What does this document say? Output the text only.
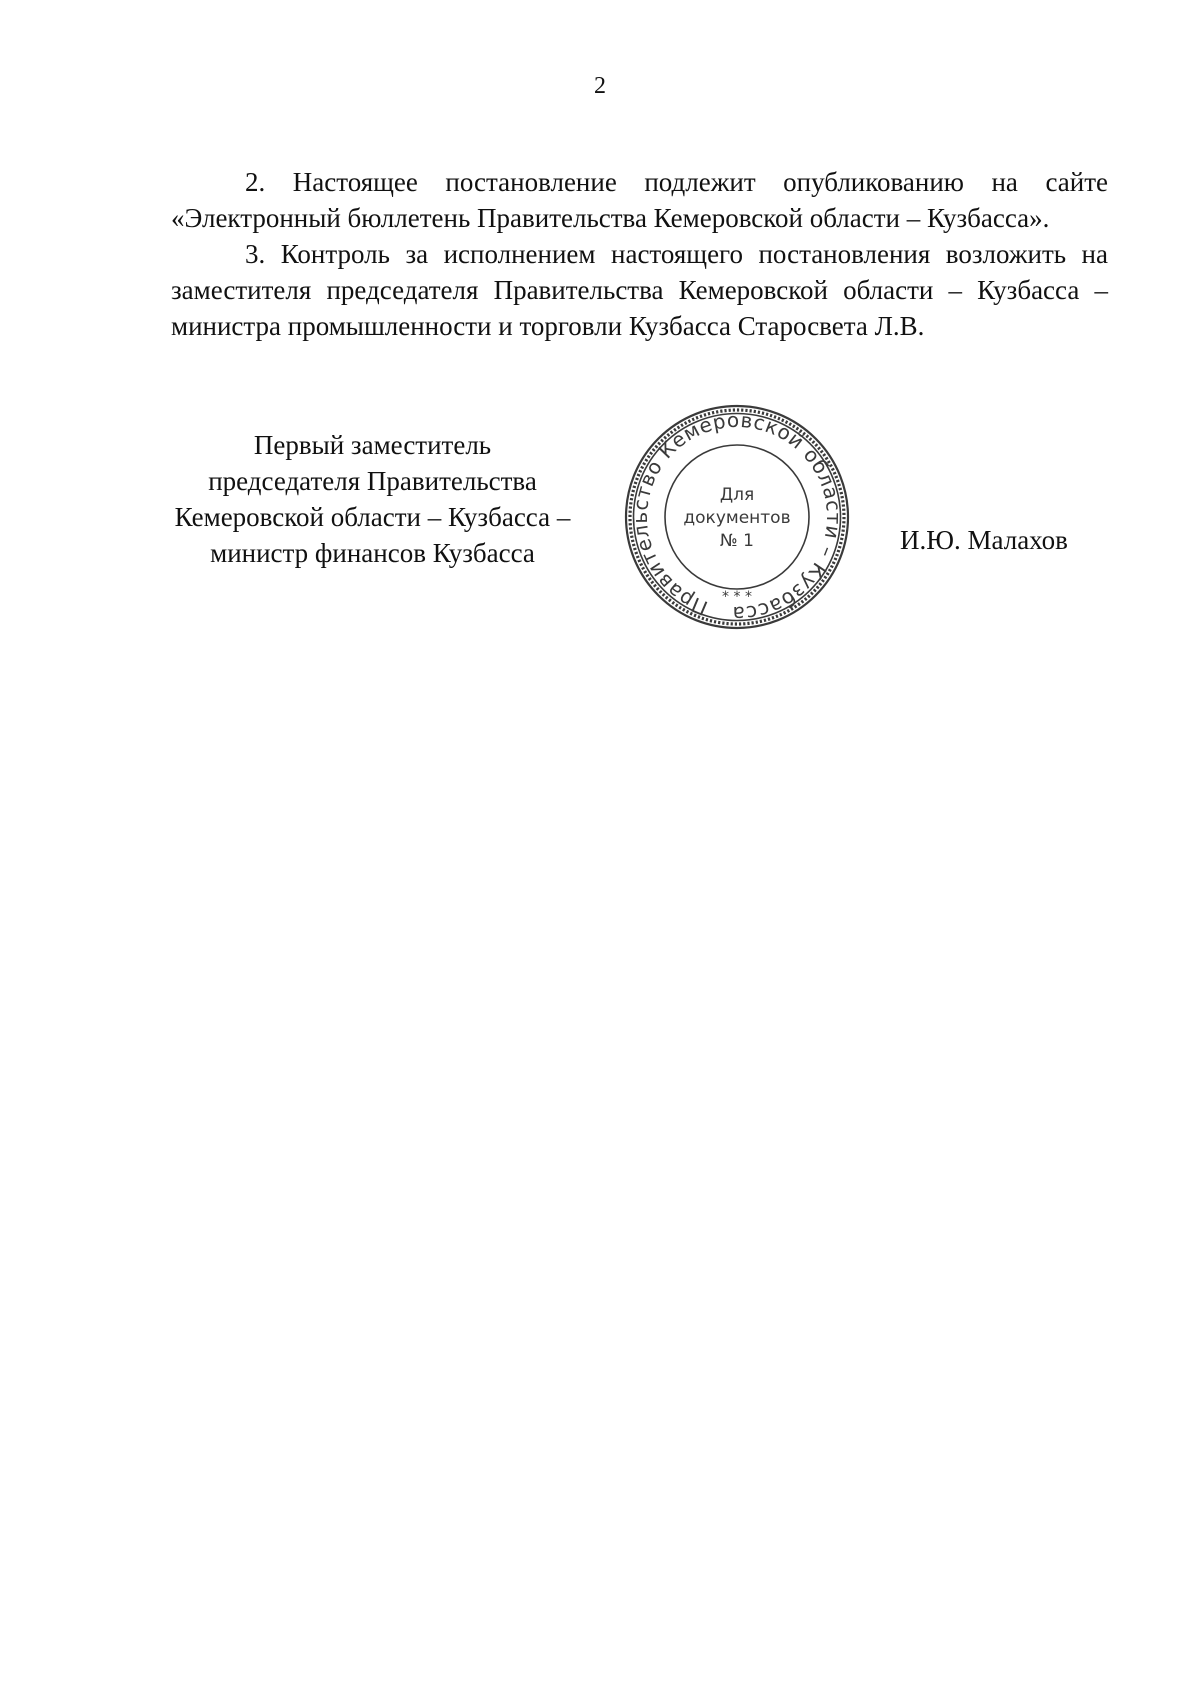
2

2. Настоящее постановление подлежит опубликованию на сайте «Электронный бюллетень Правительства Кемеровской области – Кузбасса».

3. Контроль за исполнением настоящего постановления возложить на заместителя председателя Правительства Кемеровской области – Кузбасса – министра промышленности и торговли Кузбасса Старосвета Л.В.

Первый заместитель
председателя Правительства
Кемеровской области – Кузбасса –
министр финансов Кузбасса
Правительство Кемеровской области – Кузбасса
* * *
Для
документов
№ 1	И.Ю. Малахов
